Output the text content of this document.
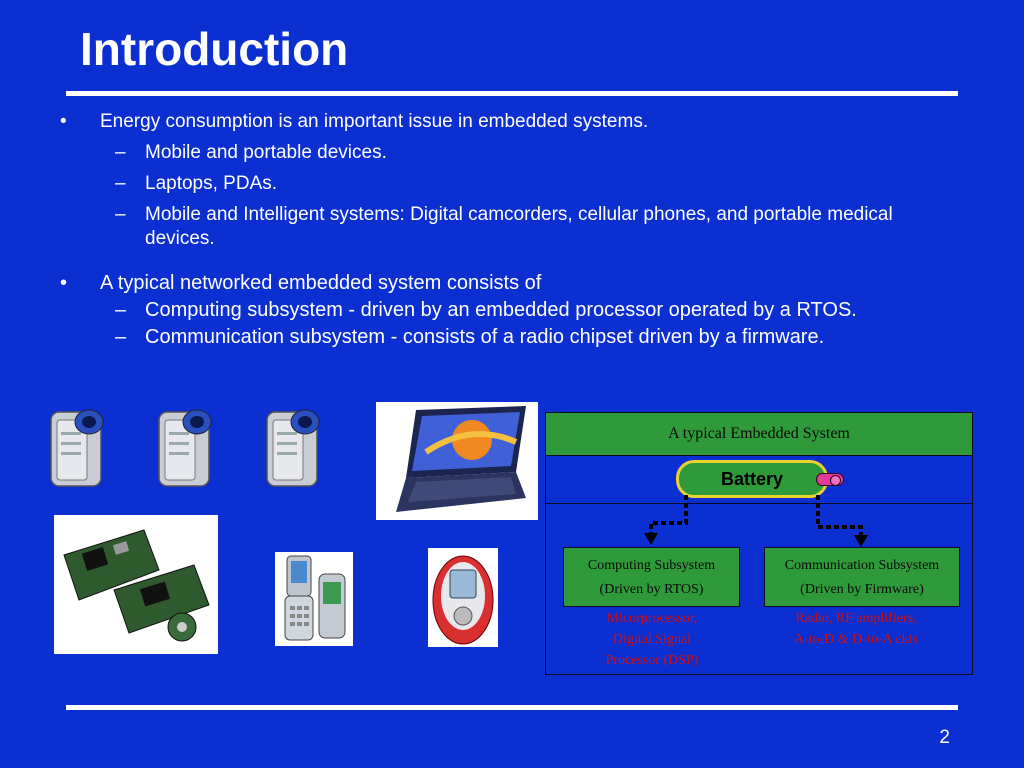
Introduction

• Energy consumption is an important issue in embedded systems.

– Mobile and portable devices.

– Laptops, PDAs.

– Mobile and Intelligent systems: Digital camcorders, cellular phones, and portable medical devices.

• A typical networked embedded system consists of

– Computing subsystem - driven by an embedded processor operated by a RTOS.

– Communication subsystem - consists of a radio chipset driven by a firmware.

A typical Embedded System
Battery
Computing Subsystem
(Driven by RTOS)
Communication Subsystem
(Driven by Firmware)
Micorprocessor,
Digital Signal
Processor (DSP)
Radio, RF amplifiers,
A-to-D & D-to-A ckts
2
